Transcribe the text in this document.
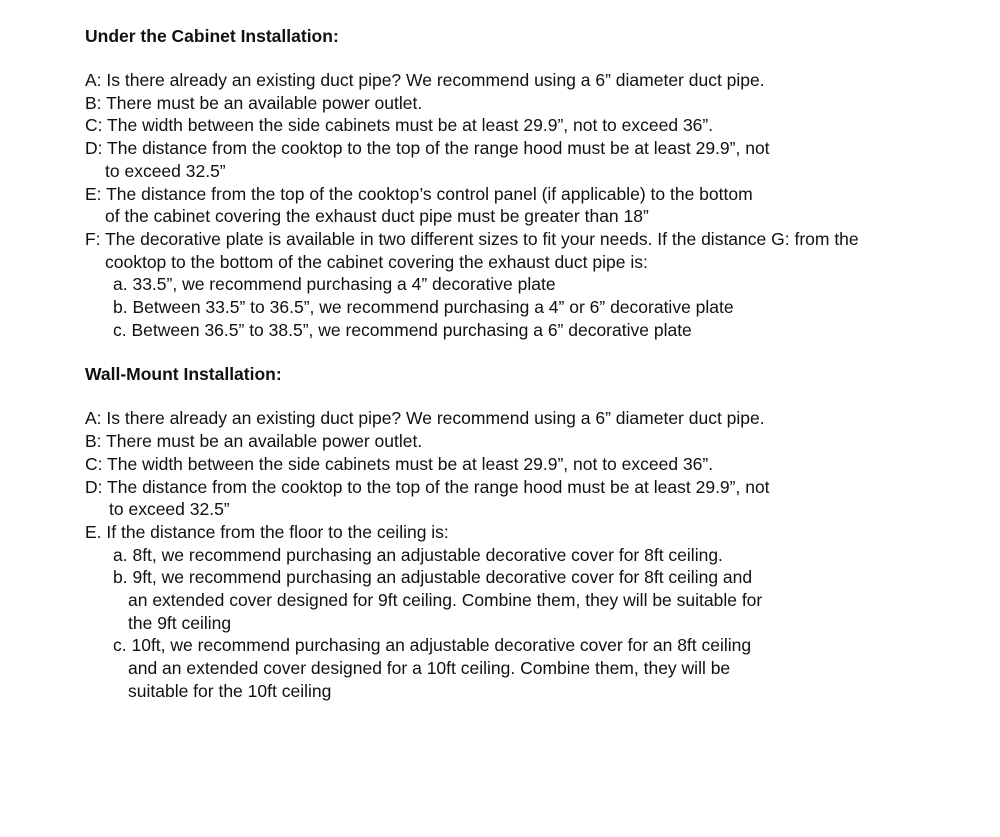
Under the Cabinet Installation:
A: Is there already an existing duct pipe? We recommend using a 6” diameter duct pipe.
B: There must be an available power outlet.
C: The width between the side cabinets must be at least 29.9”, not to exceed 36”.
D: The distance from the cooktop to the top of the range hood must be at least 29.9”, not
to exceed 32.5”
E: The distance from the top of the cooktop’s control panel (if applicable) to the bottom
of the cabinet covering the exhaust duct pipe must be greater than 18”
F: The decorative plate is available in two different sizes to fit your needs. If the distance G: from the
cooktop to the bottom of the cabinet covering the exhaust duct pipe is:
a. 33.5”, we recommend purchasing a 4” decorative plate
b. Between 33.5” to 36.5”, we recommend purchasing a 4” or 6” decorative plate
c. Between 36.5” to 38.5”, we recommend purchasing a 6” decorative plate
Wall-Mount Installation:
A: Is there already an existing duct pipe? We recommend using a 6” diameter duct pipe.
B: There must be an available power outlet.
C: The width between the side cabinets must be at least 29.9”, not to exceed 36”.
D: The distance from the cooktop to the top of the range hood must be at least 29.9”, not
to exceed 32.5”
E. If the distance from the floor to the ceiling is:
a. 8ft, we recommend purchasing an adjustable decorative cover for 8ft ceiling.
b. 9ft, we recommend purchasing an adjustable decorative cover for 8ft ceiling and
an extended cover designed for 9ft ceiling. Combine them, they will be suitable for
the 9ft ceiling
c. 10ft, we recommend purchasing an adjustable decorative cover for an 8ft ceiling
and an extended cover designed for a 10ft ceiling. Combine them, they will be
suitable for the 10ft ceiling
